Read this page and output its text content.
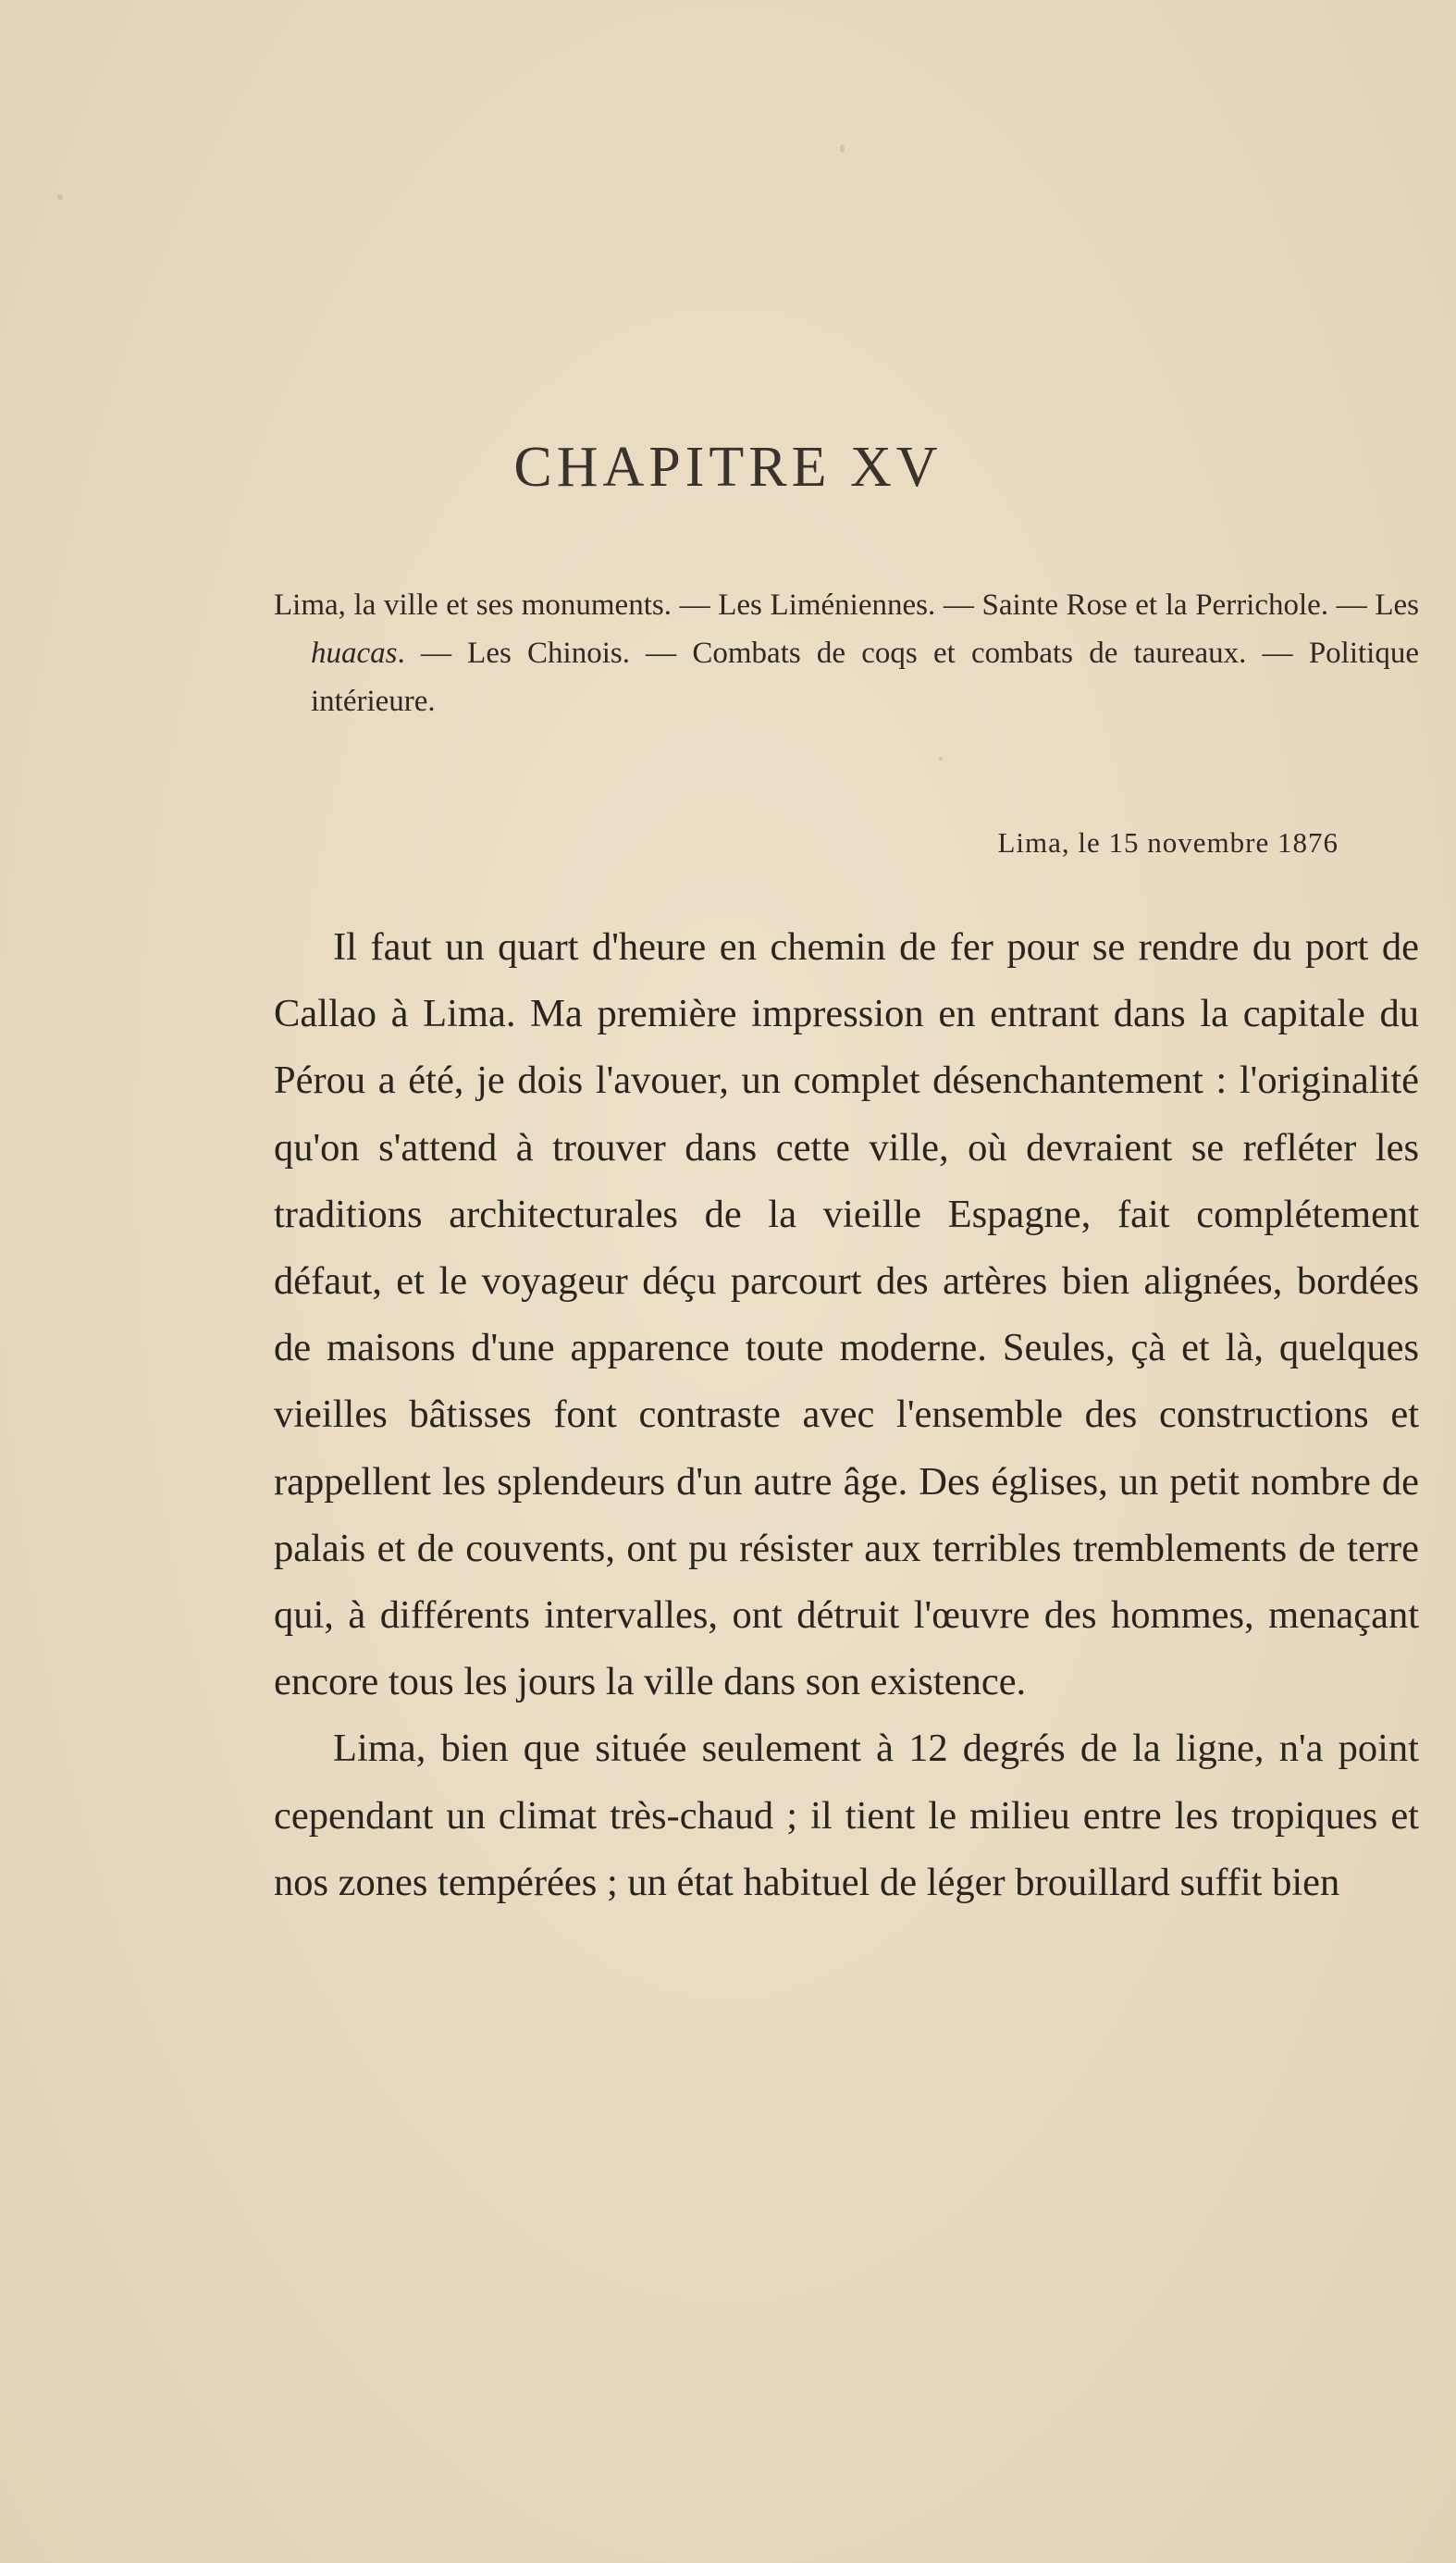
CHAPITRE XV
Lima, la ville et ses monuments. — Les Liméniennes. — Sainte Rose et la Perrichole. — Les huacas. — Les Chinois. — Combats de coqs et combats de taureaux. — Politique intérieure.
Lima, le 15 novembre 1876

Il faut un quart d'heure en chemin de fer pour se rendre du port de Callao à Lima. Ma première impression en entrant dans la capitale du Pérou a été, je dois l'avouer, un complet désenchantement : l'originalité qu'on s'attend à trouver dans cette ville, où devraient se refléter les traditions architecturales de la vieille Espagne, fait complétement défaut, et le voyageur déçu parcourt des artères bien alignées, bordées de maisons d'une apparence toute moderne. Seules, çà et là, quelques vieilles bâtisses font contraste avec l'ensemble des constructions et rappellent les splendeurs d'un autre âge. Des églises, un petit nombre de palais et de couvents, ont pu résister aux terribles tremblements de terre qui, à différents intervalles, ont détruit l'œuvre des hommes, menaçant encore tous les jours la ville dans son existence.

Lima, bien que située seulement à 12 degrés de la ligne, n'a point cependant un climat très-chaud ; il tient le milieu entre les tropiques et nos zones tempérées ; un état habituel de léger brouillard suffit bien
